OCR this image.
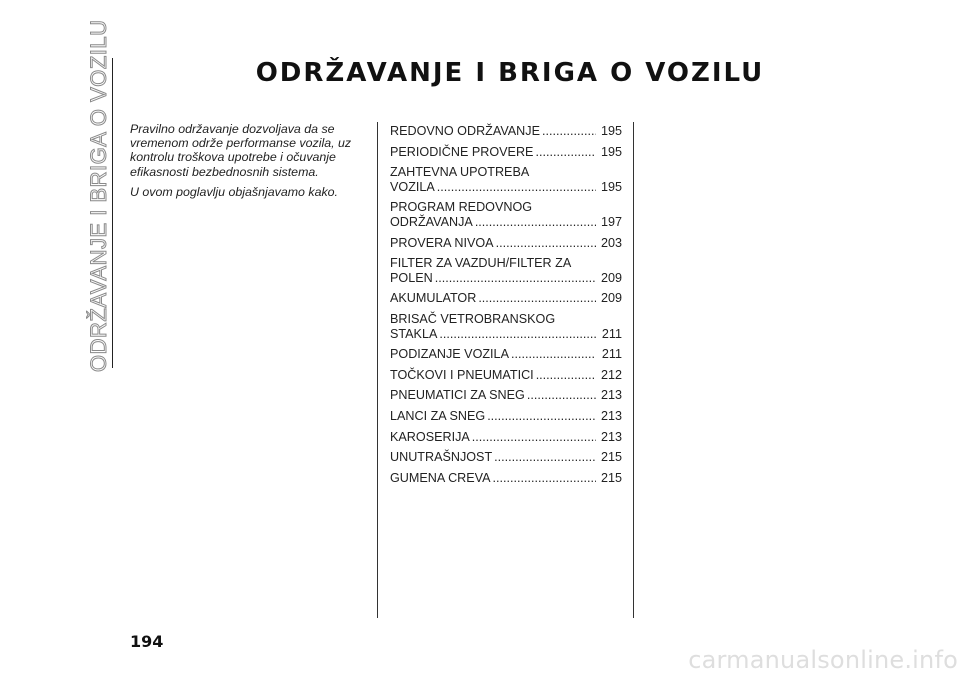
ODRŽAVANJE I BRIGA O VOZILU	ODRŽAVANJE I BRIGA O VOZILU

Pravilno održavanje dozvoljava da se vremenom održe performanse vozila, uz kontrolu troškova upotrebe i očuvanje efikasnosti bezbednosnih sistema.

U ovom poglavlju objašnjavamo kako.

REDOVNO ODRŽAVANJE .....	195
PERIODIČNE PROVERE .....	195
ZAHTEVNA UPOTREBA
VOZILA .....	195
PROGRAM REDOVNOG
ODRŽAVANJA .....	197
PROVERA NIVOA .....	203
FILTER ZA VAZDUH/FILTER ZA
POLEN .....	209
AKUMULATOR .....	209
BRISAČ VETROBRANSKOG
STAKLA .....	211
PODIZANJE VOZILA .....	211
TOČKOVI I PNEUMATICI .....	212
PNEUMATICI ZA SNEG .....	213
LANCI ZA SNEG .....	213
KAROSERIJA .....	213
UNUTRAŠNJOST .....	215
GUMENA CREVA .....	215
194
carmanualsonline.info
